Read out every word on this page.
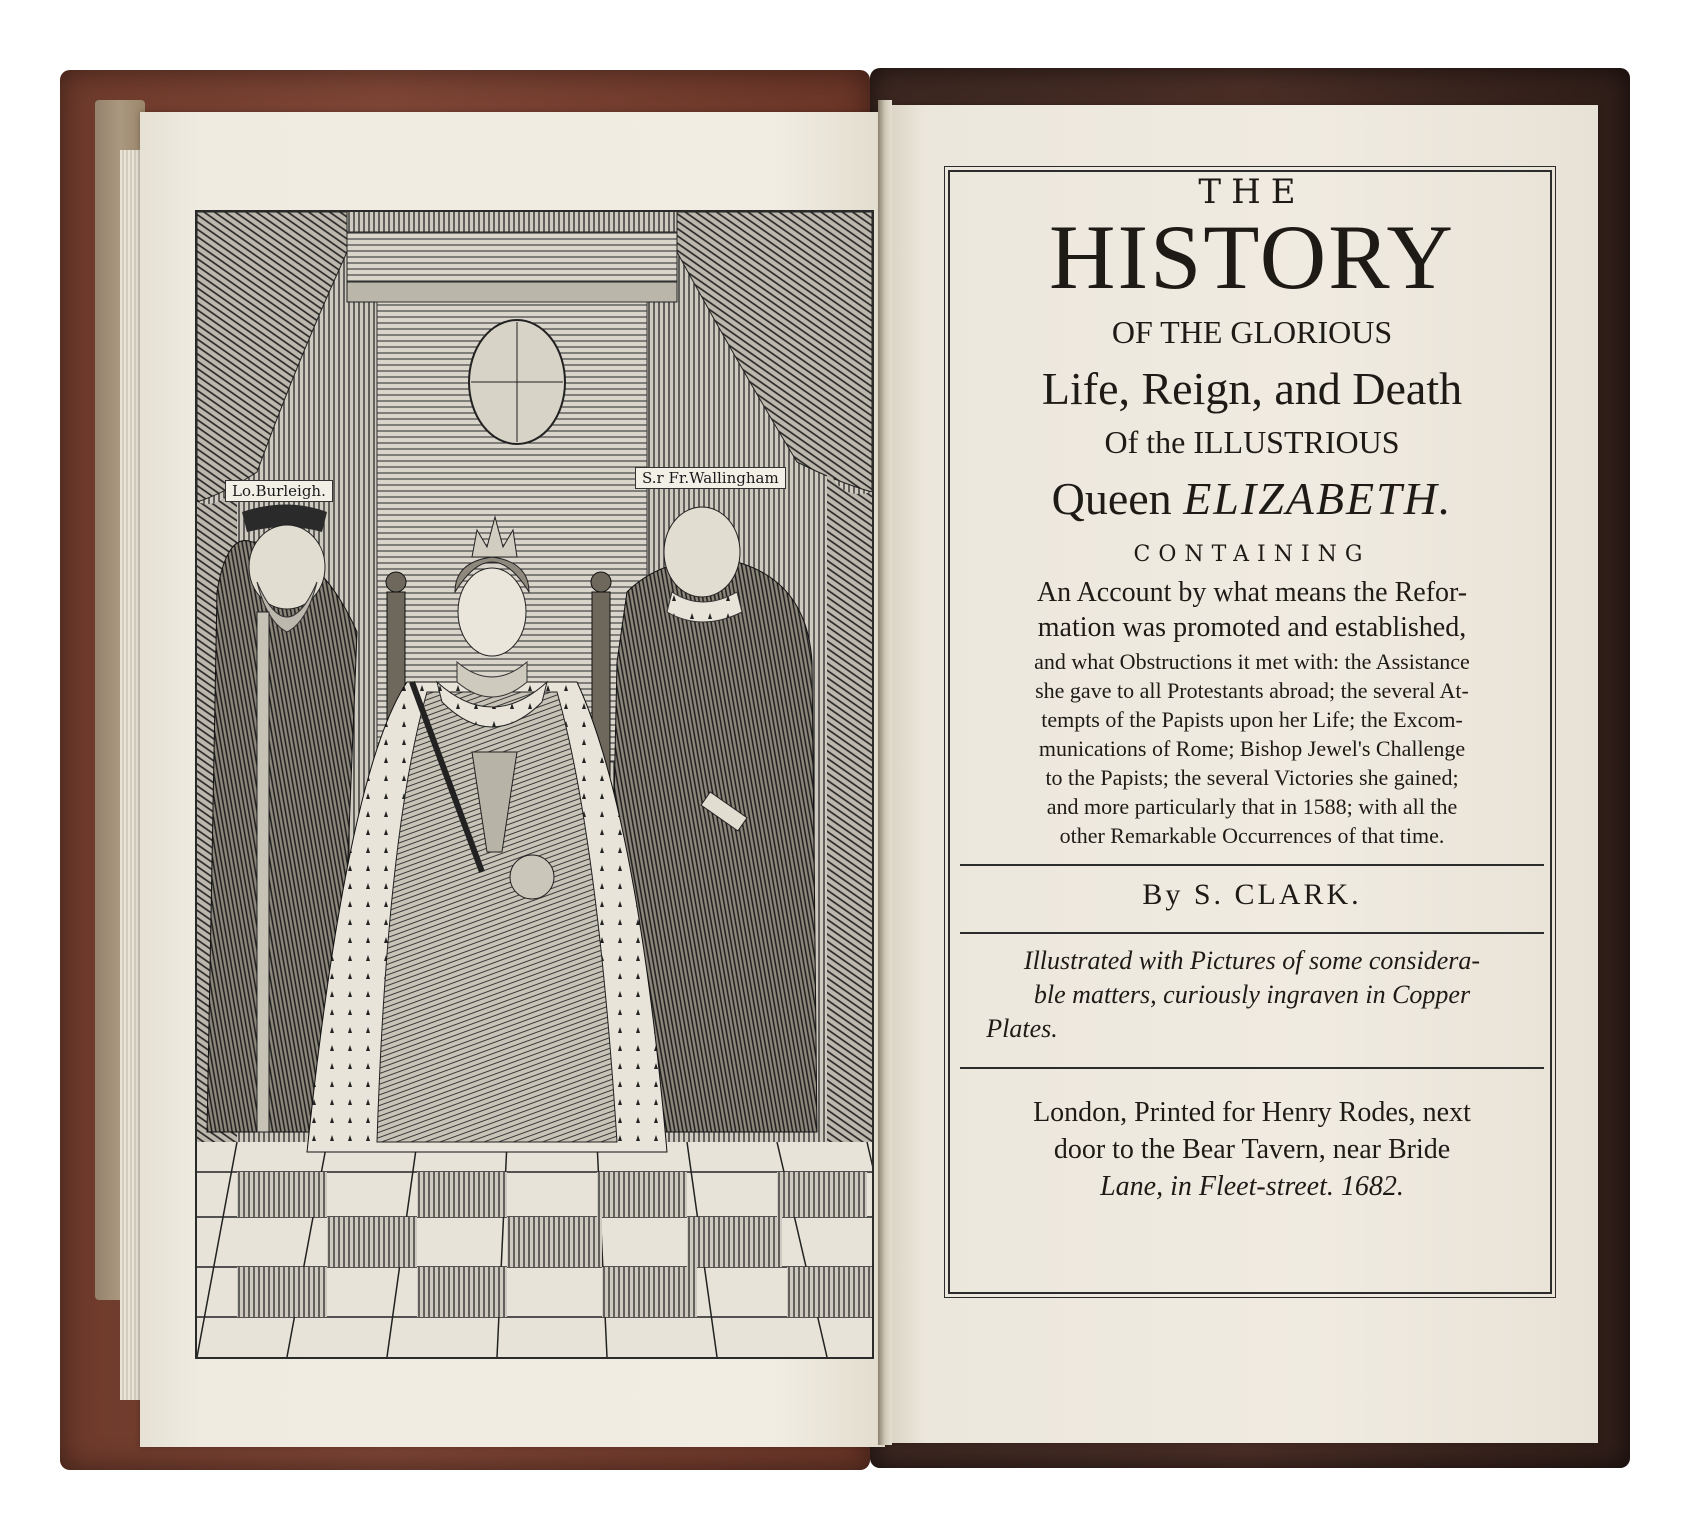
Lo.Burleigh.
S.r Fr.Wallingham
THE
HISTORY
OF THE GLORIOUS
Life, Reign, and Death
Of the ILLUSTRIOUS
Queen ELIZABETH.
CONTAINING
An Account by what means the Refor-
mation was promoted and established,
and what Obstructions it met with: the Assistance
she gave to all Protestants abroad; the several At-
tempts of the Papists upon her Life; the Excom-
munications of Rome; Bishop Jewel's Challenge
to the Papists; the several Victories she gained;
and more particularly that in 1588; with all the
other Remarkable Occurrences of that time.
By S. CLARK.
Illustrated with Pictures of some considera-
ble matters, curiously ingraven in Copper
Plates.
London, Printed for Henry Rodes, next
door to the Bear Tavern, near Bride
Lane, in Fleet-street. 1682.
